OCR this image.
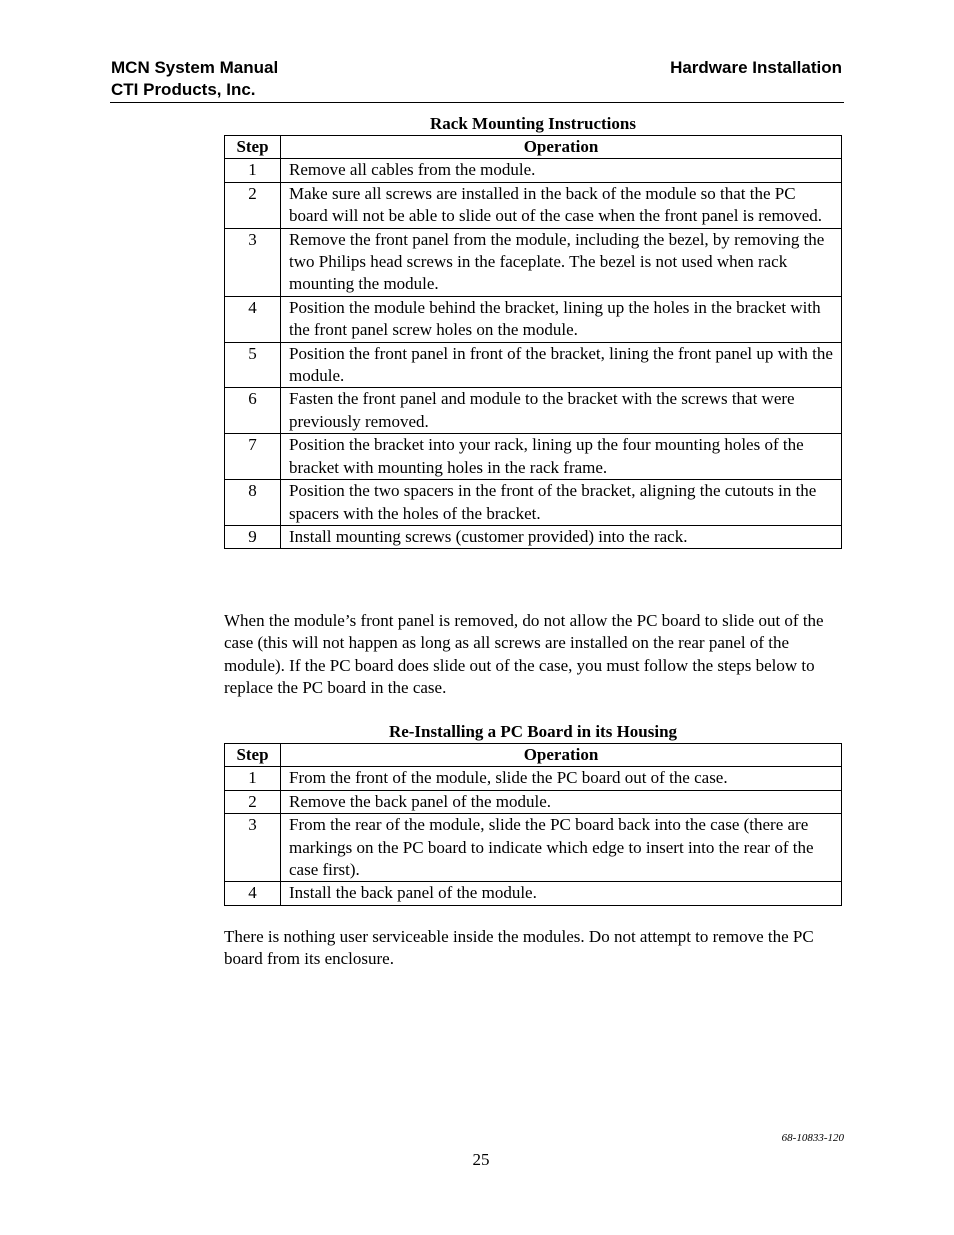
MCN System Manual
CTI Products, Inc.
Hardware Installation
Rack Mounting Instructions
Step	Operation
1	Remove all cables from the module.
2	Make sure all screws are installed in the back of the module so that the PC board will not be able to slide out of the case when the front panel is removed.
3	Remove the front panel from the module, including the bezel, by removing the two Philips head screws in the faceplate. The bezel is not used when rack mounting the module.
4	Position the module behind the bracket, lining up the holes in the bracket with the front panel screw holes on the module.
5	Position the front panel in front of the bracket, lining the front panel up with the module.
6	Fasten the front panel and module to the bracket with the screws that were previously removed.
7	Position the bracket into your rack, lining up the four mounting holes of the bracket with mounting holes in the rack frame.
8	Position the two spacers in the front of the bracket, aligning the cutouts in the spacers with the holes of the bracket.
9	Install mounting screws (customer provided) into the rack.
When the module’s front panel is removed, do not allow the PC board to slide out of the case (this will not happen as long as all screws are installed on the rear panel of the module). If the PC board does slide out of the case, you must follow the steps below to replace the PC board in the case.
Re-Installing a PC Board in its Housing
Step	Operation
1	From the front of the module, slide the PC board out of the case.
2	Remove the back panel of the module.
3	From the rear of the module, slide the PC board back into the case (there are markings on the PC board to indicate which edge to insert into the rear of the case first).
4	Install the back panel of the module.
There is nothing user serviceable inside the modules. Do not attempt to remove the PC board from its enclosure.
68-10833-120
25
